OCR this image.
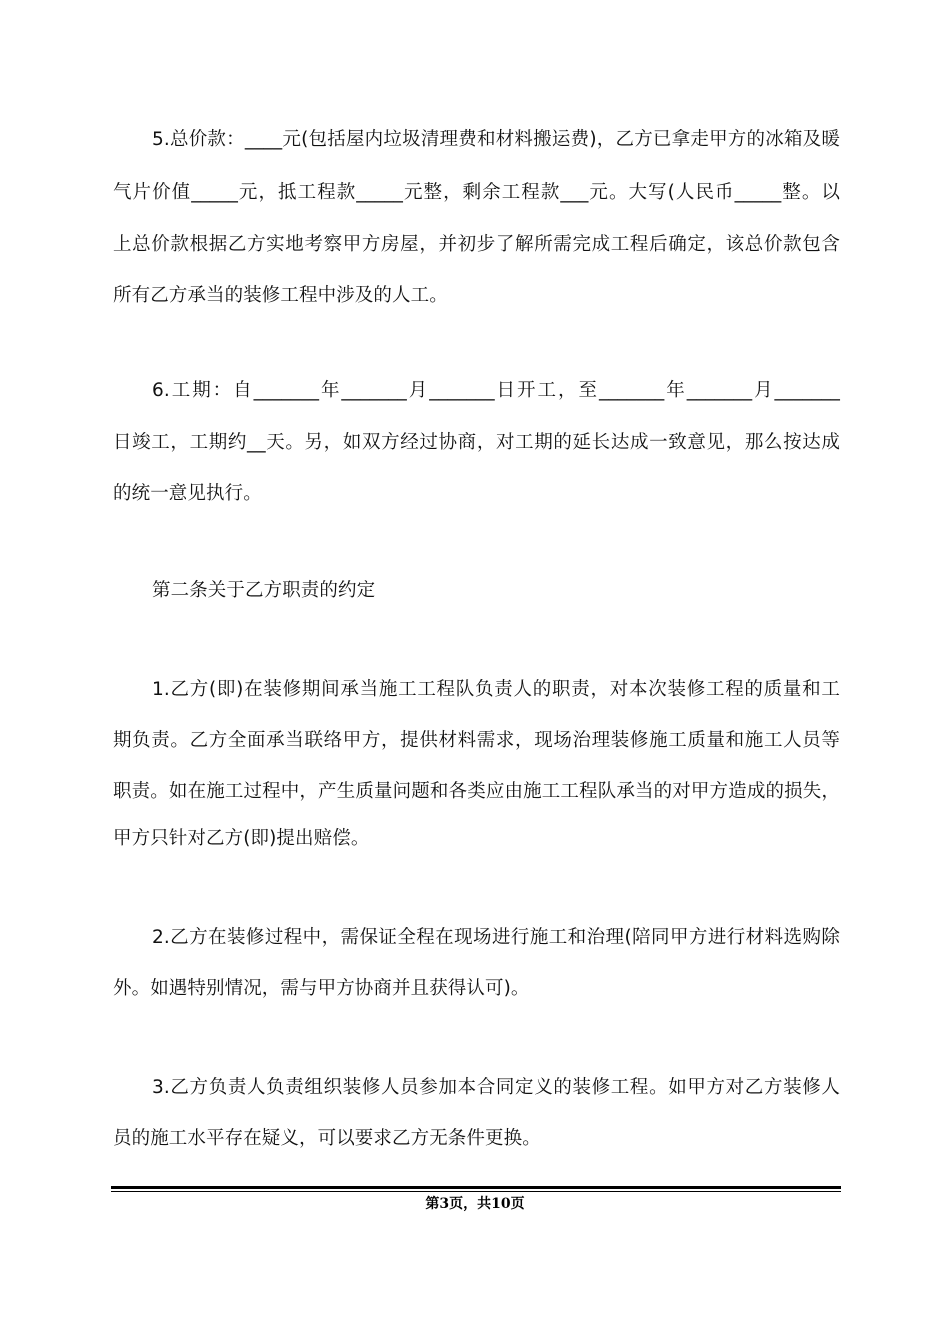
5.总价款：____元(包括屋内垃圾清理费和材料搬运费)，乙方已拿走甲方的冰箱及暖
气片价值_____元，抵工程款_____元整，剩余工程款___元。大写(人民币_____整。以
上总价款根据乙方实地考察甲方房屋，并初步了解所需完成工程后确定，该总价款包含
所有乙方承当的装修工程中涉及的人工。
6.工期：自_______年_______月_______日开工，至_______年_______月_______
日竣工，工期约__天。另，如双方经过协商，对工期的延长达成一致意见，那么按达成
的统一意见执行。
第二条关于乙方职责的约定
1.乙方(即)在装修期间承当施工工程队负责人的职责，对本次装修工程的质量和工
期负责。乙方全面承当联络甲方，提供材料需求，现场治理装修施工质量和施工人员等
职责。如在施工过程中，产生质量问题和各类应由施工工程队承当的对甲方造成的损失，
甲方只针对乙方(即)提出赔偿。
2.乙方在装修过程中，需保证全程在现场进行施工和治理(陪同甲方进行材料选购除
外。如遇特别情况，需与甲方协商并且获得认可)。
3.乙方负责人负责组织装修人员参加本合同定义的装修工程。如甲方对乙方装修人
员的施工水平存在疑义，可以要求乙方无条件更换。
第3页，共10页
